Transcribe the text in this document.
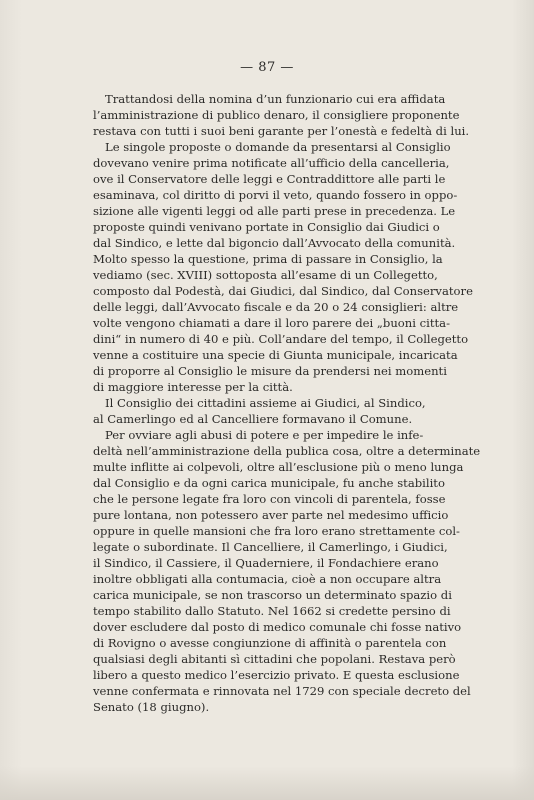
— 87 —
Trattandosi della nomina d’un funzionario cui era affidata
l’amministrazione di publico denaro, il consigliere proponente
restava con tutti i suoi beni garante per l’onestà e fedeltà di lui.
Le singole proposte o domande da presentarsi al Consiglio
dovevano venire prima notificate all’ufficio della cancelleria,
ove il Conservatore delle leggi e Contraddittore alle parti le
esaminava, col diritto di porvi il veto, quando fossero in oppo-
sizione alle vigenti leggi od alle parti prese in precedenza. Le
proposte quindi venivano portate in Consiglio dai Giudici o
dal Sindico, e lette dal bigoncio dall’Avvocato della comunità.
Molto spesso la questione, prima di passare in Consiglio, la
vediamo (sec. XVIII) sottoposta all’esame di un Collegetto,
composto dal Podestà, dai Giudici, dal Sindico, dal Conservatore
delle leggi, dall’Avvocato fiscale e da 20 o 24 consiglieri: altre
volte vengono chiamati a dare il loro parere dei „buoni citta-
dini“ in numero di 40 e più. Coll’andare del tempo, il Collegetto
venne a costituire una specie di Giunta municipale, incaricata
di proporre al Consiglio le misure da prendersi nei momenti
di maggiore interesse per la città.
Il Consiglio dei cittadini assieme ai Giudici, al Sindico,
al Camerlingo ed al Cancelliere formavano il Comune.
Per ovviare agli abusi di potere e per impedire le infe-
deltà nell’amministrazione della publica cosa, oltre a determinate
multe inflitte ai colpevoli, oltre all’esclusione più o meno lunga
dal Consiglio e da ogni carica municipale, fu anche stabilito
che le persone legate fra loro con vincoli di parentela, fosse
pure lontana, non potessero aver parte nel medesimo ufficio
oppure in quelle mansioni che fra loro erano strettamente col-
legate o subordinate. Il Cancelliere, il Camerlingo, i Giudici,
il Sindico, il Cassiere, il Quaderniere, il Fondachiere erano
inoltre obbligati alla contumacia, cioè a non occupare altra
carica municipale, se non trascorso un determinato spazio di
tempo stabilito dallo Statuto. Nel 1662 si credette persino di
dover escludere dal posto di medico comunale chi fosse nativo
di Rovigno o avesse congiunzione di affinità o parentela con
qualsiasi degli abitanti sì cittadini che popolani. Restava però
libero a questo medico l’esercizio privato. E questa esclusione
venne confermata e rinnovata nel 1729 con speciale decreto del
Senato (18 giugno).
